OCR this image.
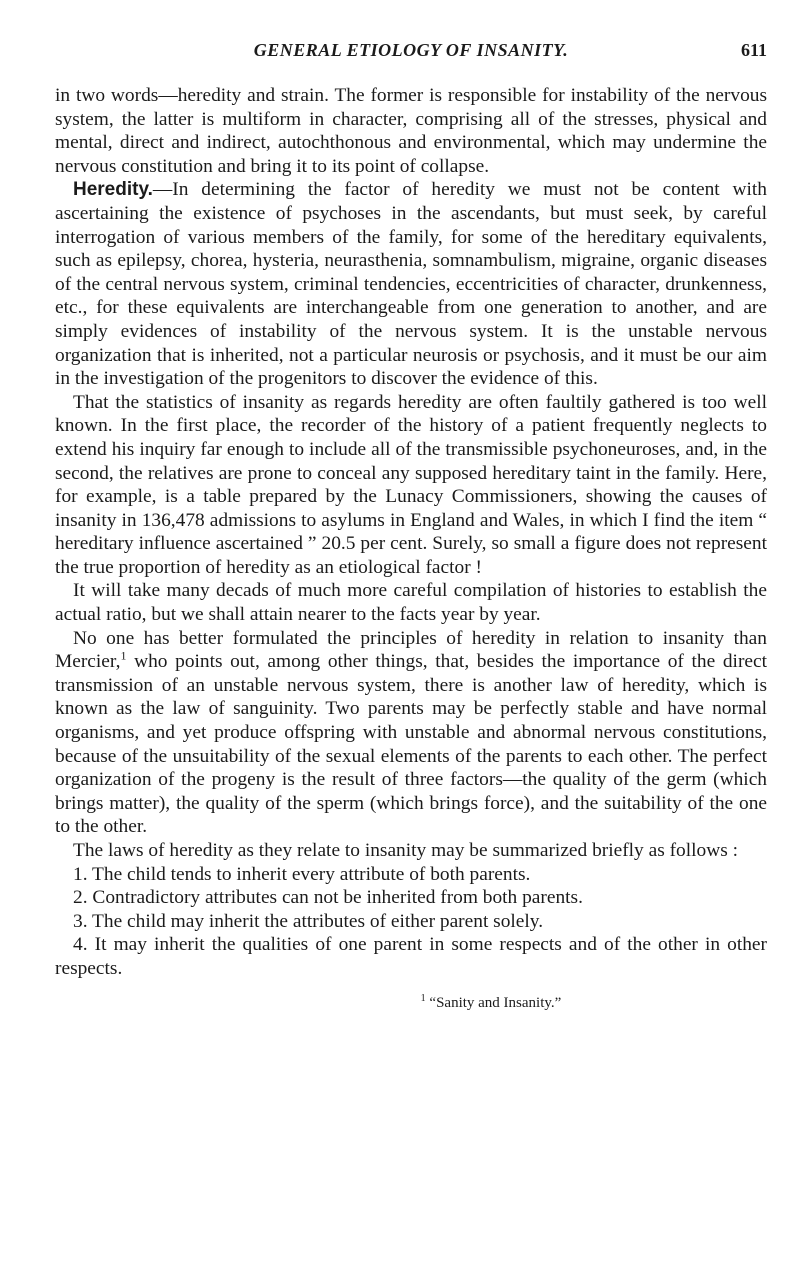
GENERAL ETIOLOGY OF INSANITY.	611

in two words—heredity and strain. The former is responsible for instability of the nervous system, the latter is multiform in character, comprising all of the stresses, physical and mental, direct and indirect, autochthonous and environmental, which may undermine the nervous constitution and bring it to its point of collapse.

Heredity.—In determining the factor of heredity we must not be content with ascertaining the existence of psychoses in the ascendants, but must seek, by careful interrogation of various members of the family, for some of the hereditary equivalents, such as epilepsy, chorea, hysteria, neurasthenia, somnambulism, migraine, organic diseases of the central nervous system, criminal tendencies, eccentricities of character, drunkenness, etc., for these equivalents are interchangeable from one generation to another, and are simply evidences of instability of the nervous system. It is the unstable nervous organization that is inherited, not a particular neurosis or psychosis, and it must be our aim in the investigation of the progenitors to discover the evidence of this.

That the statistics of insanity as regards heredity are often faultily gathered is too well known. In the first place, the recorder of the history of a patient frequently neglects to extend his inquiry far enough to include all of the transmissible psychoneuroses, and, in the second, the relatives are prone to conceal any supposed hereditary taint in the family. Here, for example, is a table prepared by the Lunacy Commissioners, showing the causes of insanity in 136,478 admissions to asylums in England and Wales, in which I find the item “ hereditary influence ascertained ” 20.5 per cent. Surely, so small a figure does not represent the true proportion of heredity as an etiological factor !

It will take many decads of much more careful compilation of histories to establish the actual ratio, but we shall attain nearer to the facts year by year.

No one has better formulated the principles of heredity in relation to insanity than Mercier,$^1$ who points out, among other things, that, besides the importance of the direct transmission of an unstable nervous system, there is another law of heredity, which is known as the law of sanguinity. Two parents may be perfectly stable and have normal organisms, and yet produce offspring with unstable and abnormal nervous constitutions, because of the unsuitability of the sexual elements of the parents to each other. The perfect organization of the progeny is the result of three factors—the quality of the germ (which brings matter), the quality of the sperm (which brings force), and the suitability of the one to the other.

The laws of heredity as they relate to insanity may be summarized briefly as follows :

1. The child tends to inherit every attribute of both parents.

2. Contradictory attributes can not be inherited from both parents.

3. The child may inherit the attributes of either parent solely.

4. It may inherit the qualities of one parent in some respects and of the other in other respects.

$^1$ “Sanity and Insanity.”
